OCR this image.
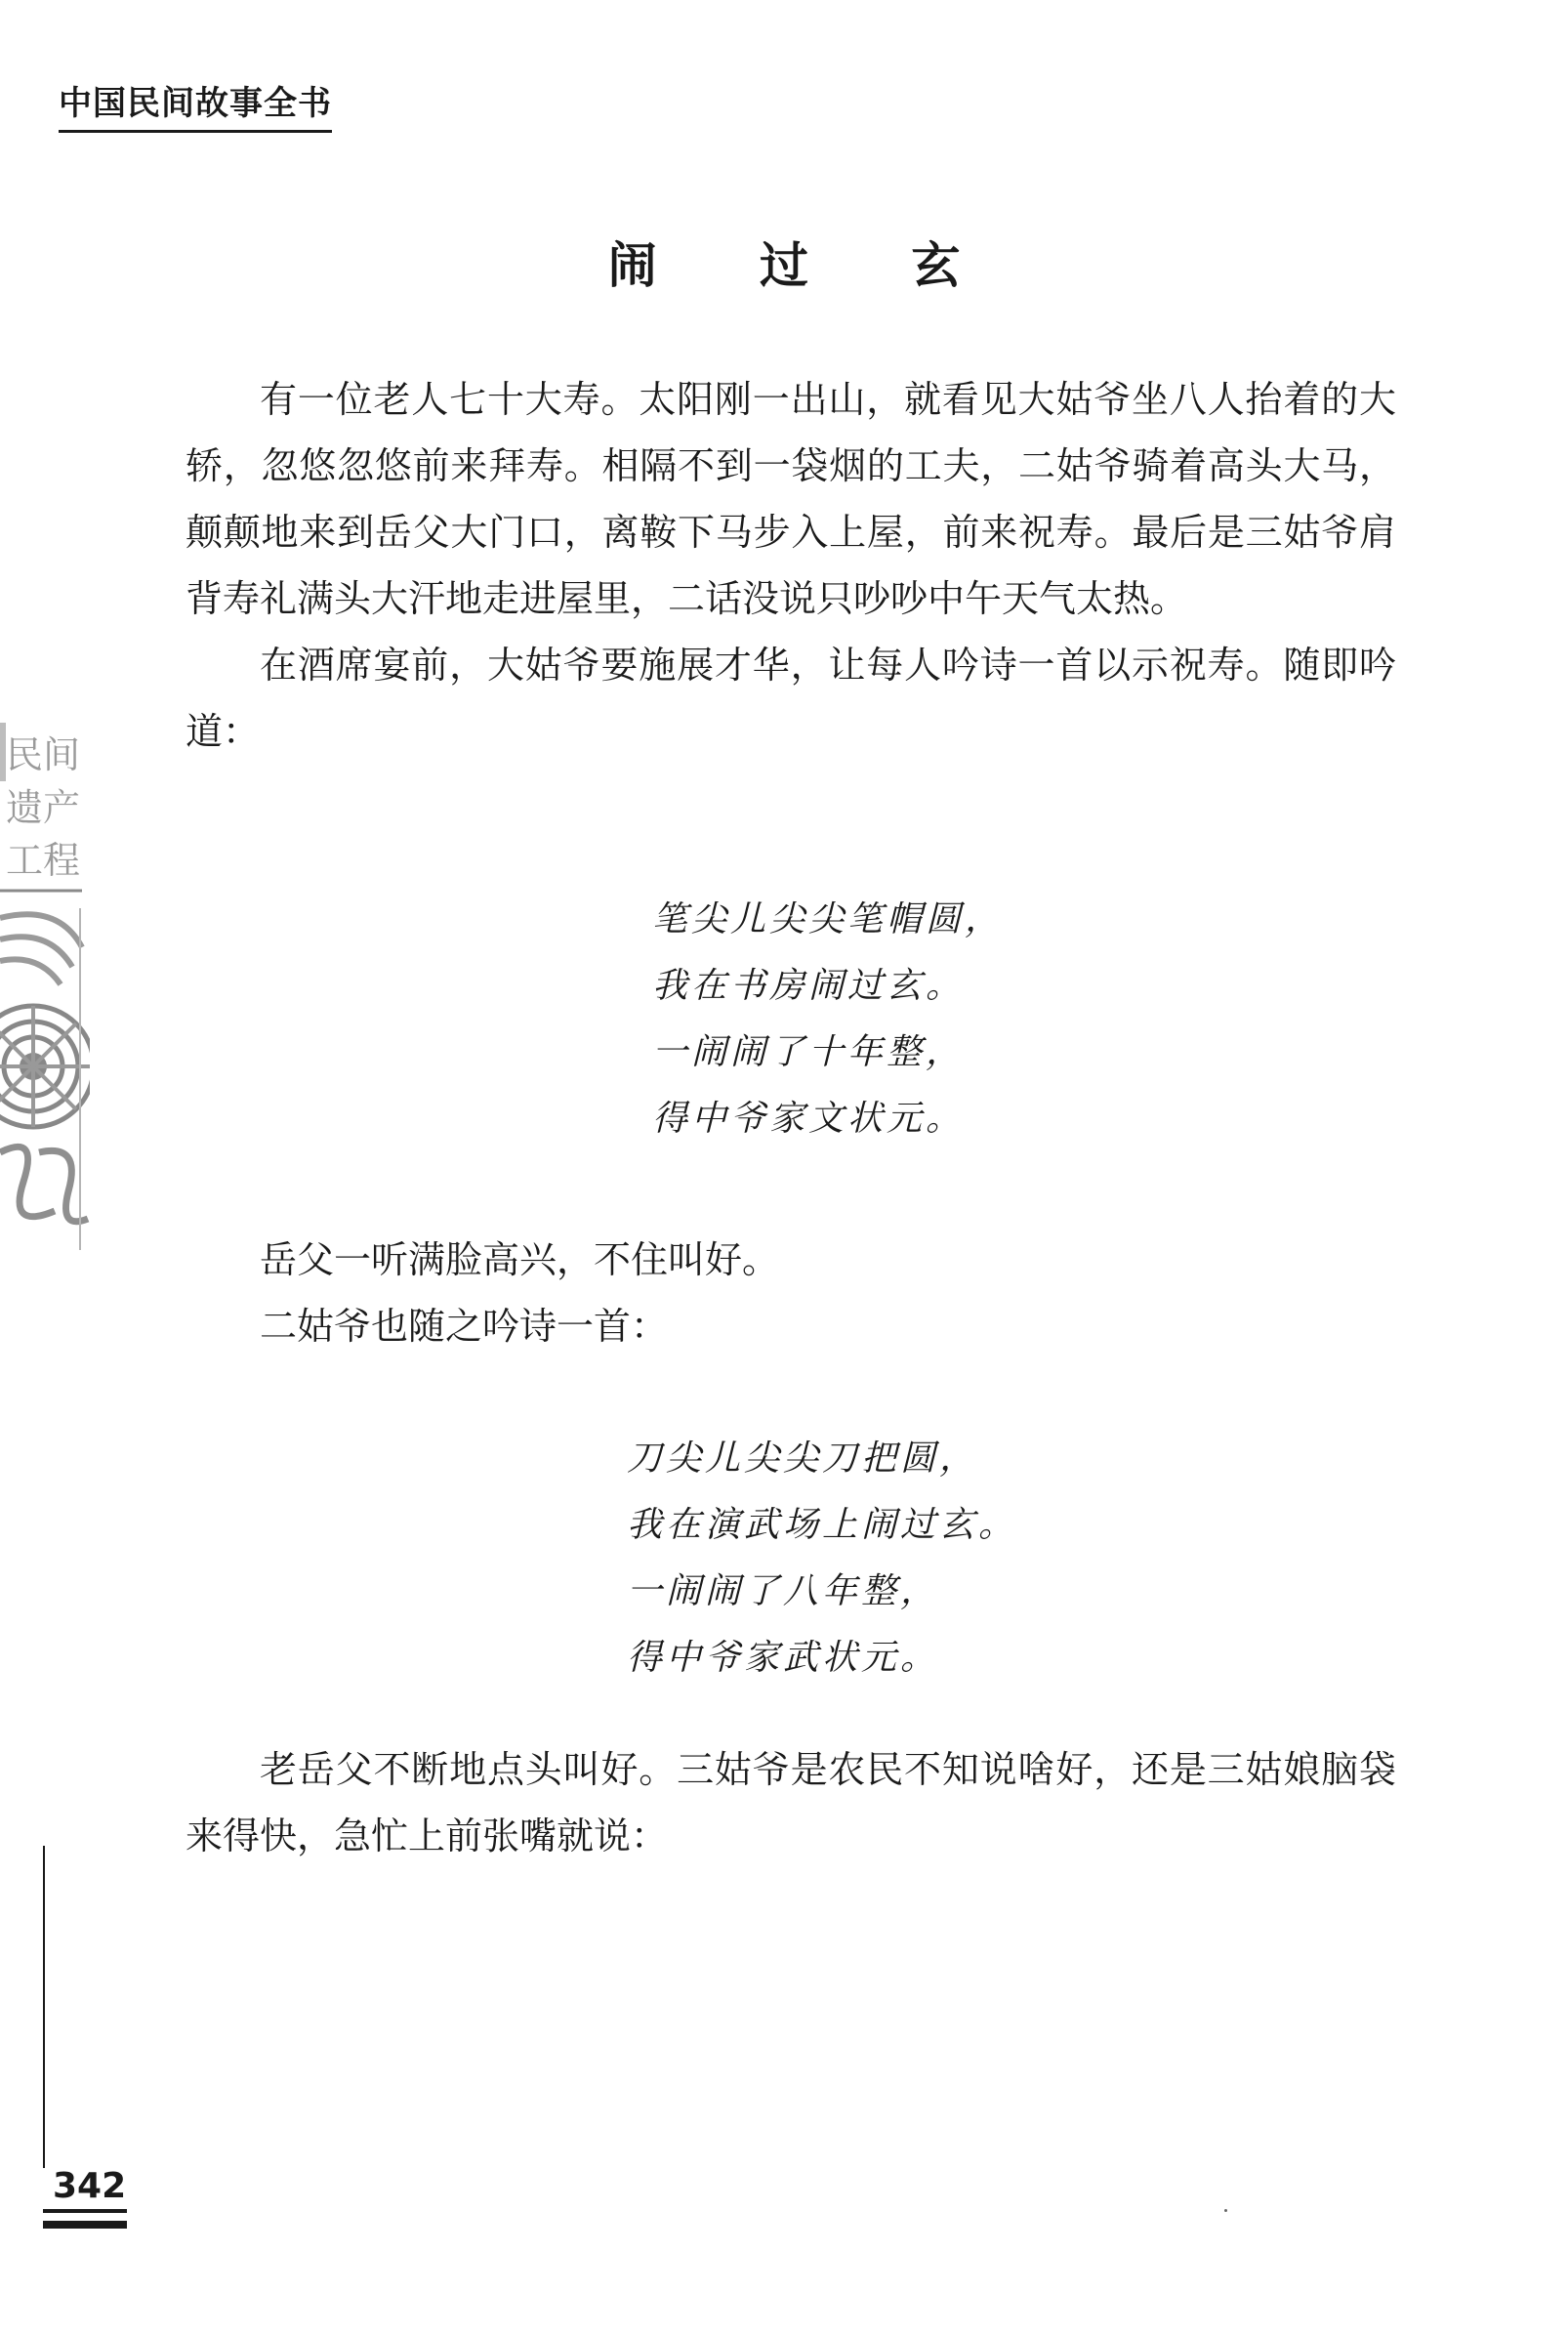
中国民间故事全书
闹 过 玄

有一位老人七十大寿。太阳刚一出山，就看见大姑爷坐八人抬着的大轿，忽悠忽悠前来拜寿。相隔不到一袋烟的工夫，二姑爷骑着高头大马，颠颠地来到岳父大门口，离鞍下马步入上屋，前来祝寿。最后是三姑爷肩背寿礼满头大汗地走进屋里，二话没说只吵吵中午天气太热。

在酒席宴前，大姑爷要施展才华，让每人吟诗一首以示祝寿。随即吟道：

笔尖儿尖尖笔帽圆，
我在书房闹过玄。
一闹闹了十年整，
得中爷家文状元。

岳父一听满脸高兴，不住叫好。

二姑爷也随之吟诗一首：

刀尖儿尖尖刀把圆，
我在演武场上闹过玄。
一闹闹了八年整，
得中爷家武状元。

老岳父不断地点头叫好。三姑爷是农民不知说啥好，还是三姑娘脑袋来得快，急忙上前张嘴就说：

民间
遗产
工程
342
